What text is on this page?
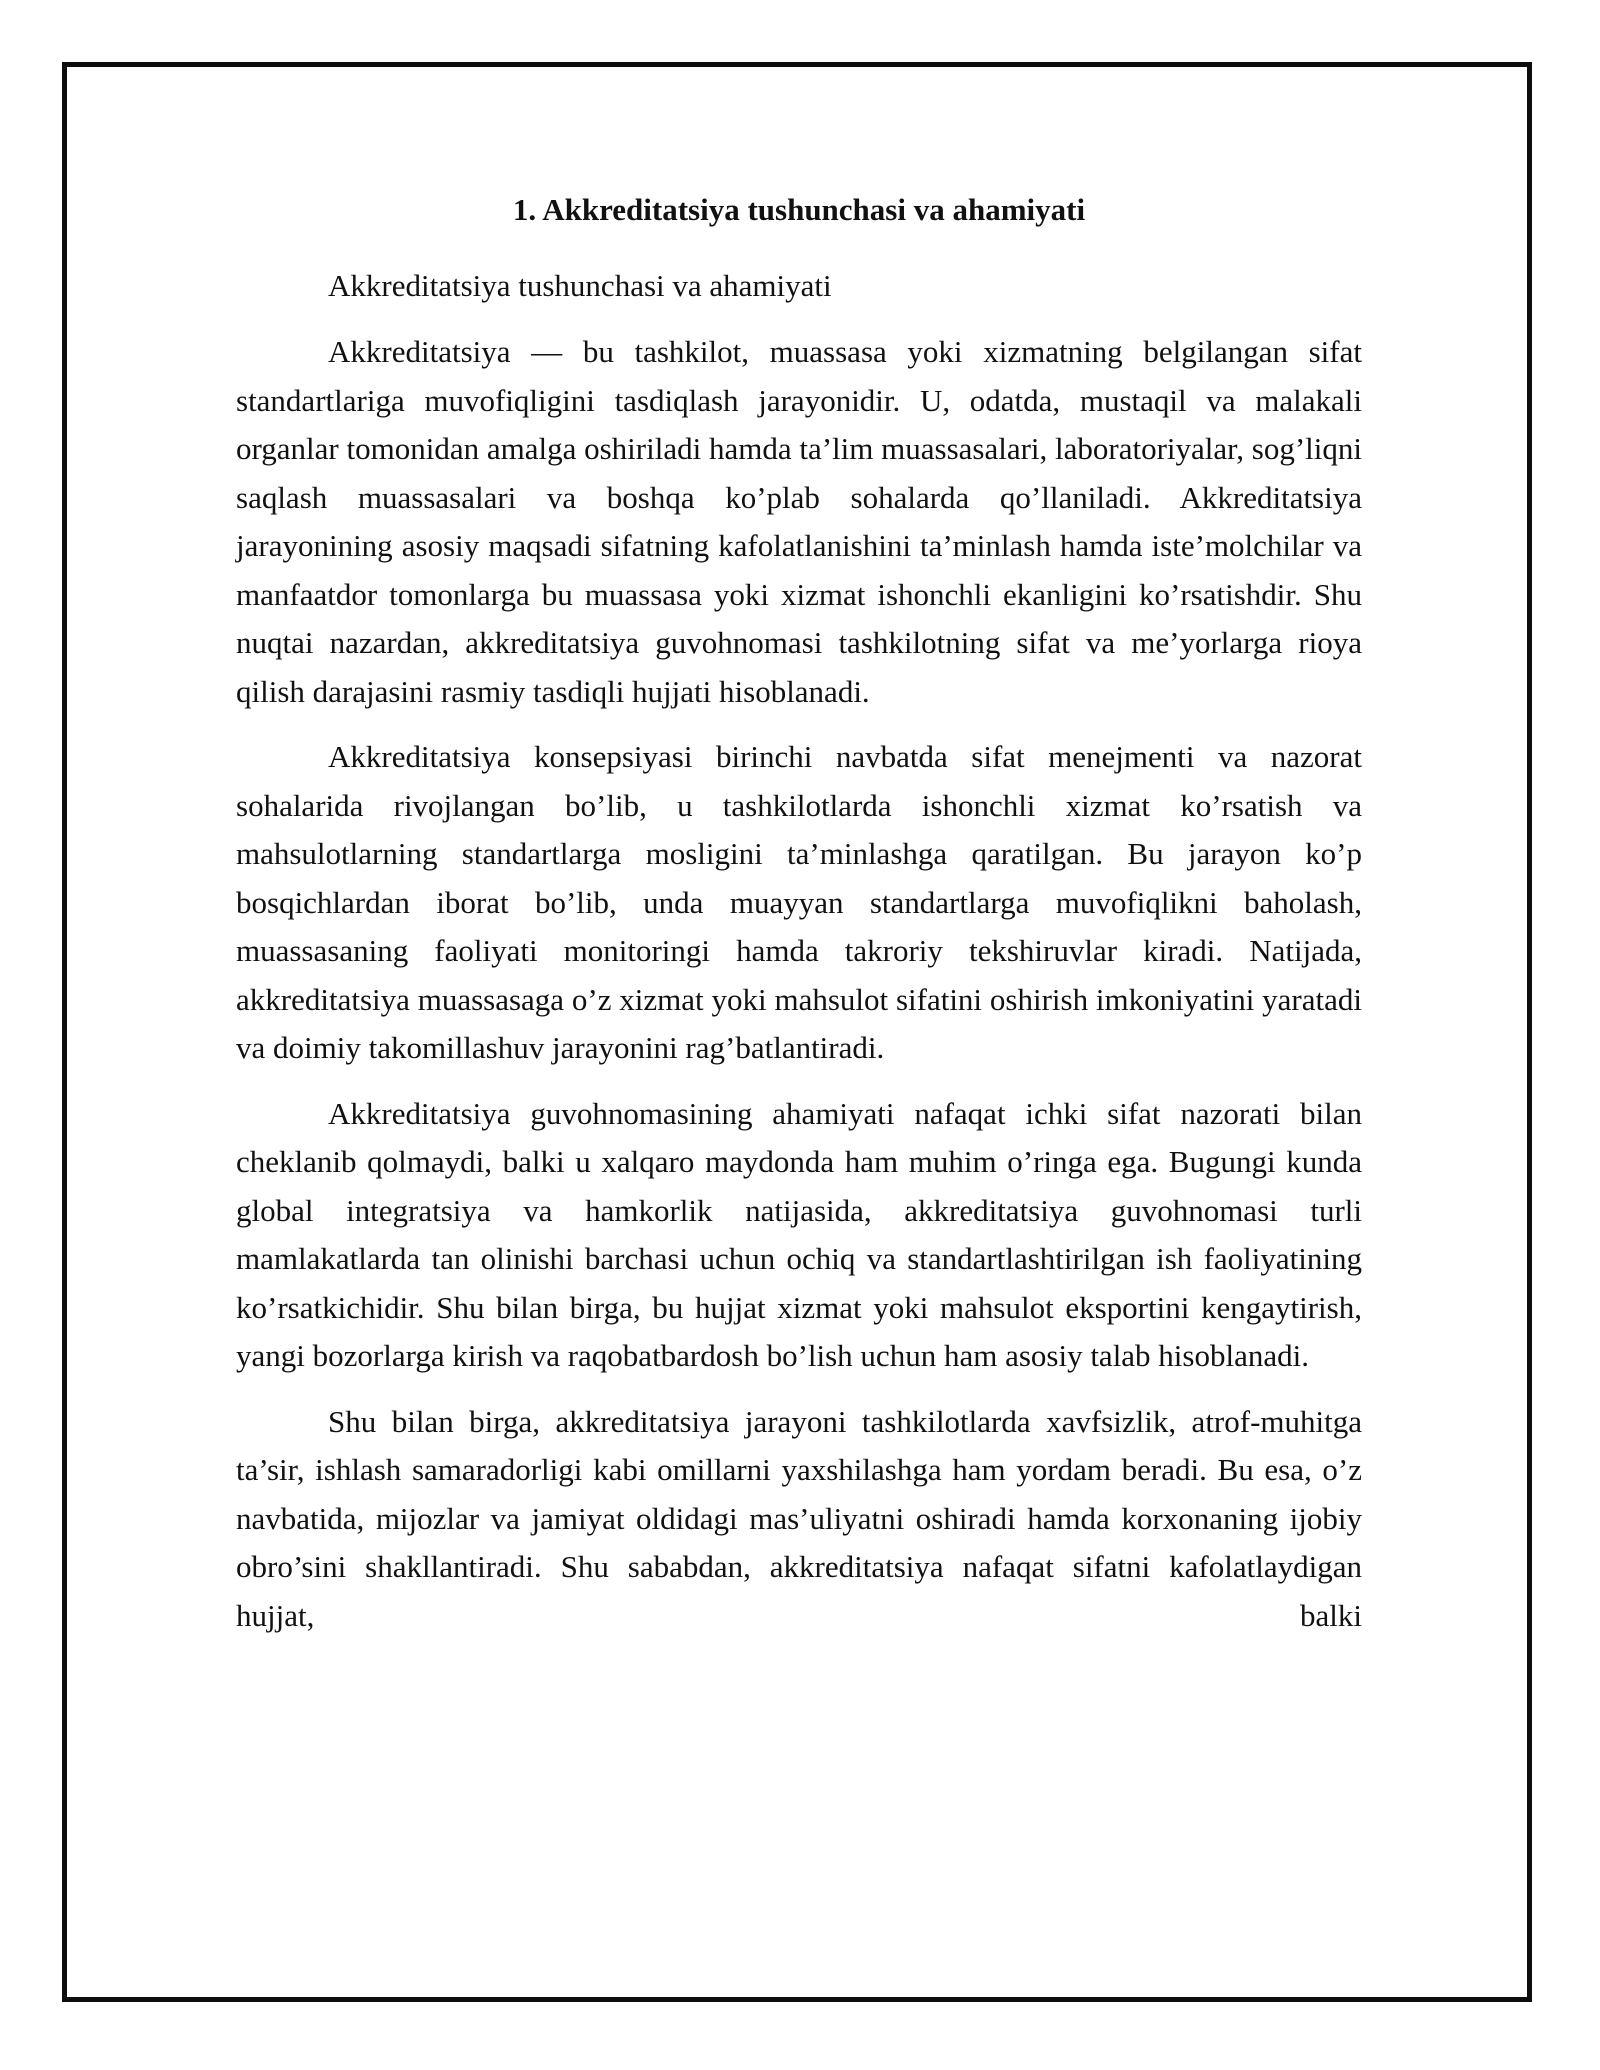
1. Akkreditatsiya tushunchasi va ahamiyati

Akkreditatsiya tushunchasi va ahamiyati

Akkreditatsiya — bu tashkilot, muassasa yoki xizmatning belgilangan sifat standartlariga muvofiqligini tasdiqlash jarayonidir. U, odatda, mustaqil va malakali organlar tomonidan amalga oshiriladi hamda ta’lim muassasalari, laboratoriyalar, sog’liqni saqlash muassasalari va boshqa ko’plab sohalarda qo’llaniladi. Akkreditatsiya jarayonining asosiy maqsadi sifatning kafolatlanishini ta’minlash hamda iste’molchilar va manfaatdor tomonlarga bu muassasa yoki xizmat ishonchli ekanligini ko’rsatishdir. Shu nuqtai nazardan, akkreditatsiya guvohnomasi tashkilotning sifat va me’yorlarga rioya qilish darajasini rasmiy tasdiqli hujjati hisoblanadi.

Akkreditatsiya konsepsiyasi birinchi navbatda sifat menejmenti va nazorat sohalarida rivojlangan bo’lib, u tashkilotlarda ishonchli xizmat ko’rsatish va mahsulotlarning standartlarga mosligini ta’minlashga qaratilgan. Bu jarayon ko’p bosqichlardan iborat bo’lib, unda muayyan standartlarga muvofiqlikni baholash, muassasaning faoliyati monitoringi hamda takroriy tekshiruvlar kiradi. Natijada, akkreditatsiya muassasaga o’z xizmat yoki mahsulot sifatini oshirish imkoniyatini yaratadi va doimiy takomillashuv jarayonini rag’batlantiradi.

Akkreditatsiya guvohnomasining ahamiyati nafaqat ichki sifat nazorati bilan cheklanib qolmaydi, balki u xalqaro maydonda ham muhim o’ringa ega. Bugungi kunda global integratsiya va hamkorlik natijasida, akkreditatsiya guvohnomasi turli mamlakatlarda tan olinishi barchasi uchun ochiq va standartlashtirilgan ish faoliyatining ko’rsatkichidir. Shu bilan birga, bu hujjat xizmat yoki mahsulot eksportini kengaytirish, yangi bozorlarga kirish va raqobatbardosh bo’lish uchun ham asosiy talab hisoblanadi.

Shu bilan birga, akkreditatsiya jarayoni tashkilotlarda xavfsizlik, atrof-muhitga ta’sir, ishlash samaradorligi kabi omillarni yaxshilashga ham yordam beradi. Bu esa, o’z navbatida, mijozlar va jamiyat oldidagi mas’uliyatni oshiradi hamda korxonaning ijobiy obro’sini shakllantiradi. Shu sababdan, akkreditatsiya nafaqat sifatni kafolatlaydigan hujjat, balki
